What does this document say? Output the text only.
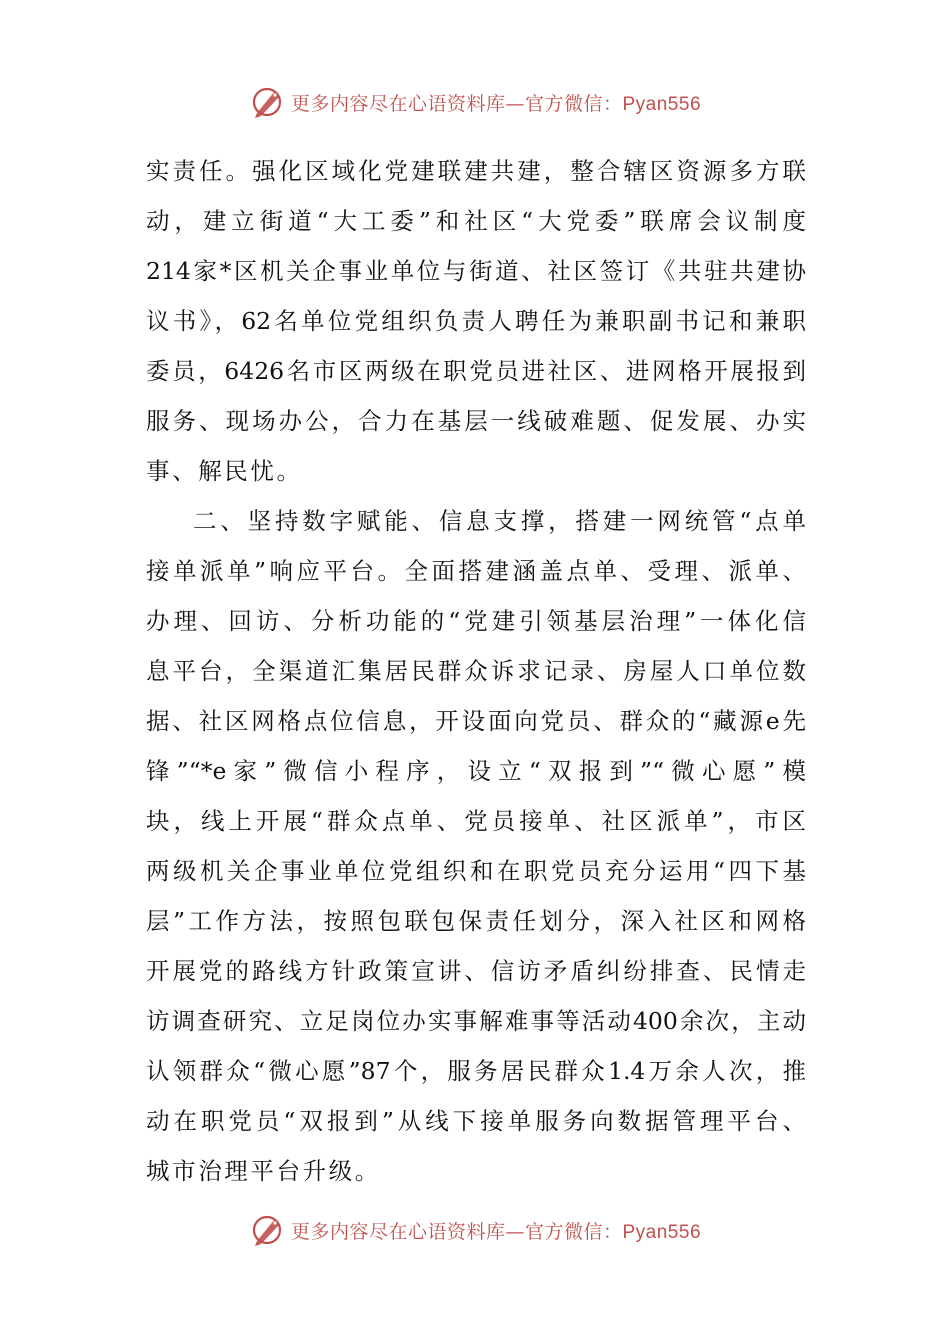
更多内容尽在心语资料库—官方微信：Pyan556
实责任。强化区域化党建联建共建，整合辖区资源多方联
动，建立街道“大工委”和社区“大党委”联席会议制度
214家*区机关企事业单位与街道、社区签订《共驻共建协
议书》，62名单位党组织负责人聘任为兼职副书记和兼职
委员，6426名市区两级在职党员进社区、进网格开展报到
服务、现场办公，合力在基层一线破难题、促发展、办实
事、解民忧。
二、坚持数字赋能、信息支撑，搭建一网统管“点单
接单派单”响应平台。全面搭建涵盖点单、受理、派单、
办理、回访、分析功能的“党建引领基层治理”一体化信
息平台，全渠道汇集居民群众诉求记录、房屋人口单位数
据、社区网格点位信息，开设面向党员、群众的“藏源e先
锋”“*e家”微信小程序，设立“双报到”“微心愿”模
块，线上开展“群众点单、党员接单、社区派单”，市区
两级机关企事业单位党组织和在职党员充分运用“四下基
层”工作方法，按照包联包保责任划分，深入社区和网格
开展党的路线方针政策宣讲、信访矛盾纠纷排查、民情走
访调查研究、立足岗位办实事解难事等活动400余次，主动
认领群众“微心愿”87个，服务居民群众1.4万余人次，推
动在职党员“双报到”从线下接单服务向数据管理平台、
城市治理平台升级。
更多内容尽在心语资料库—官方微信：Pyan556
